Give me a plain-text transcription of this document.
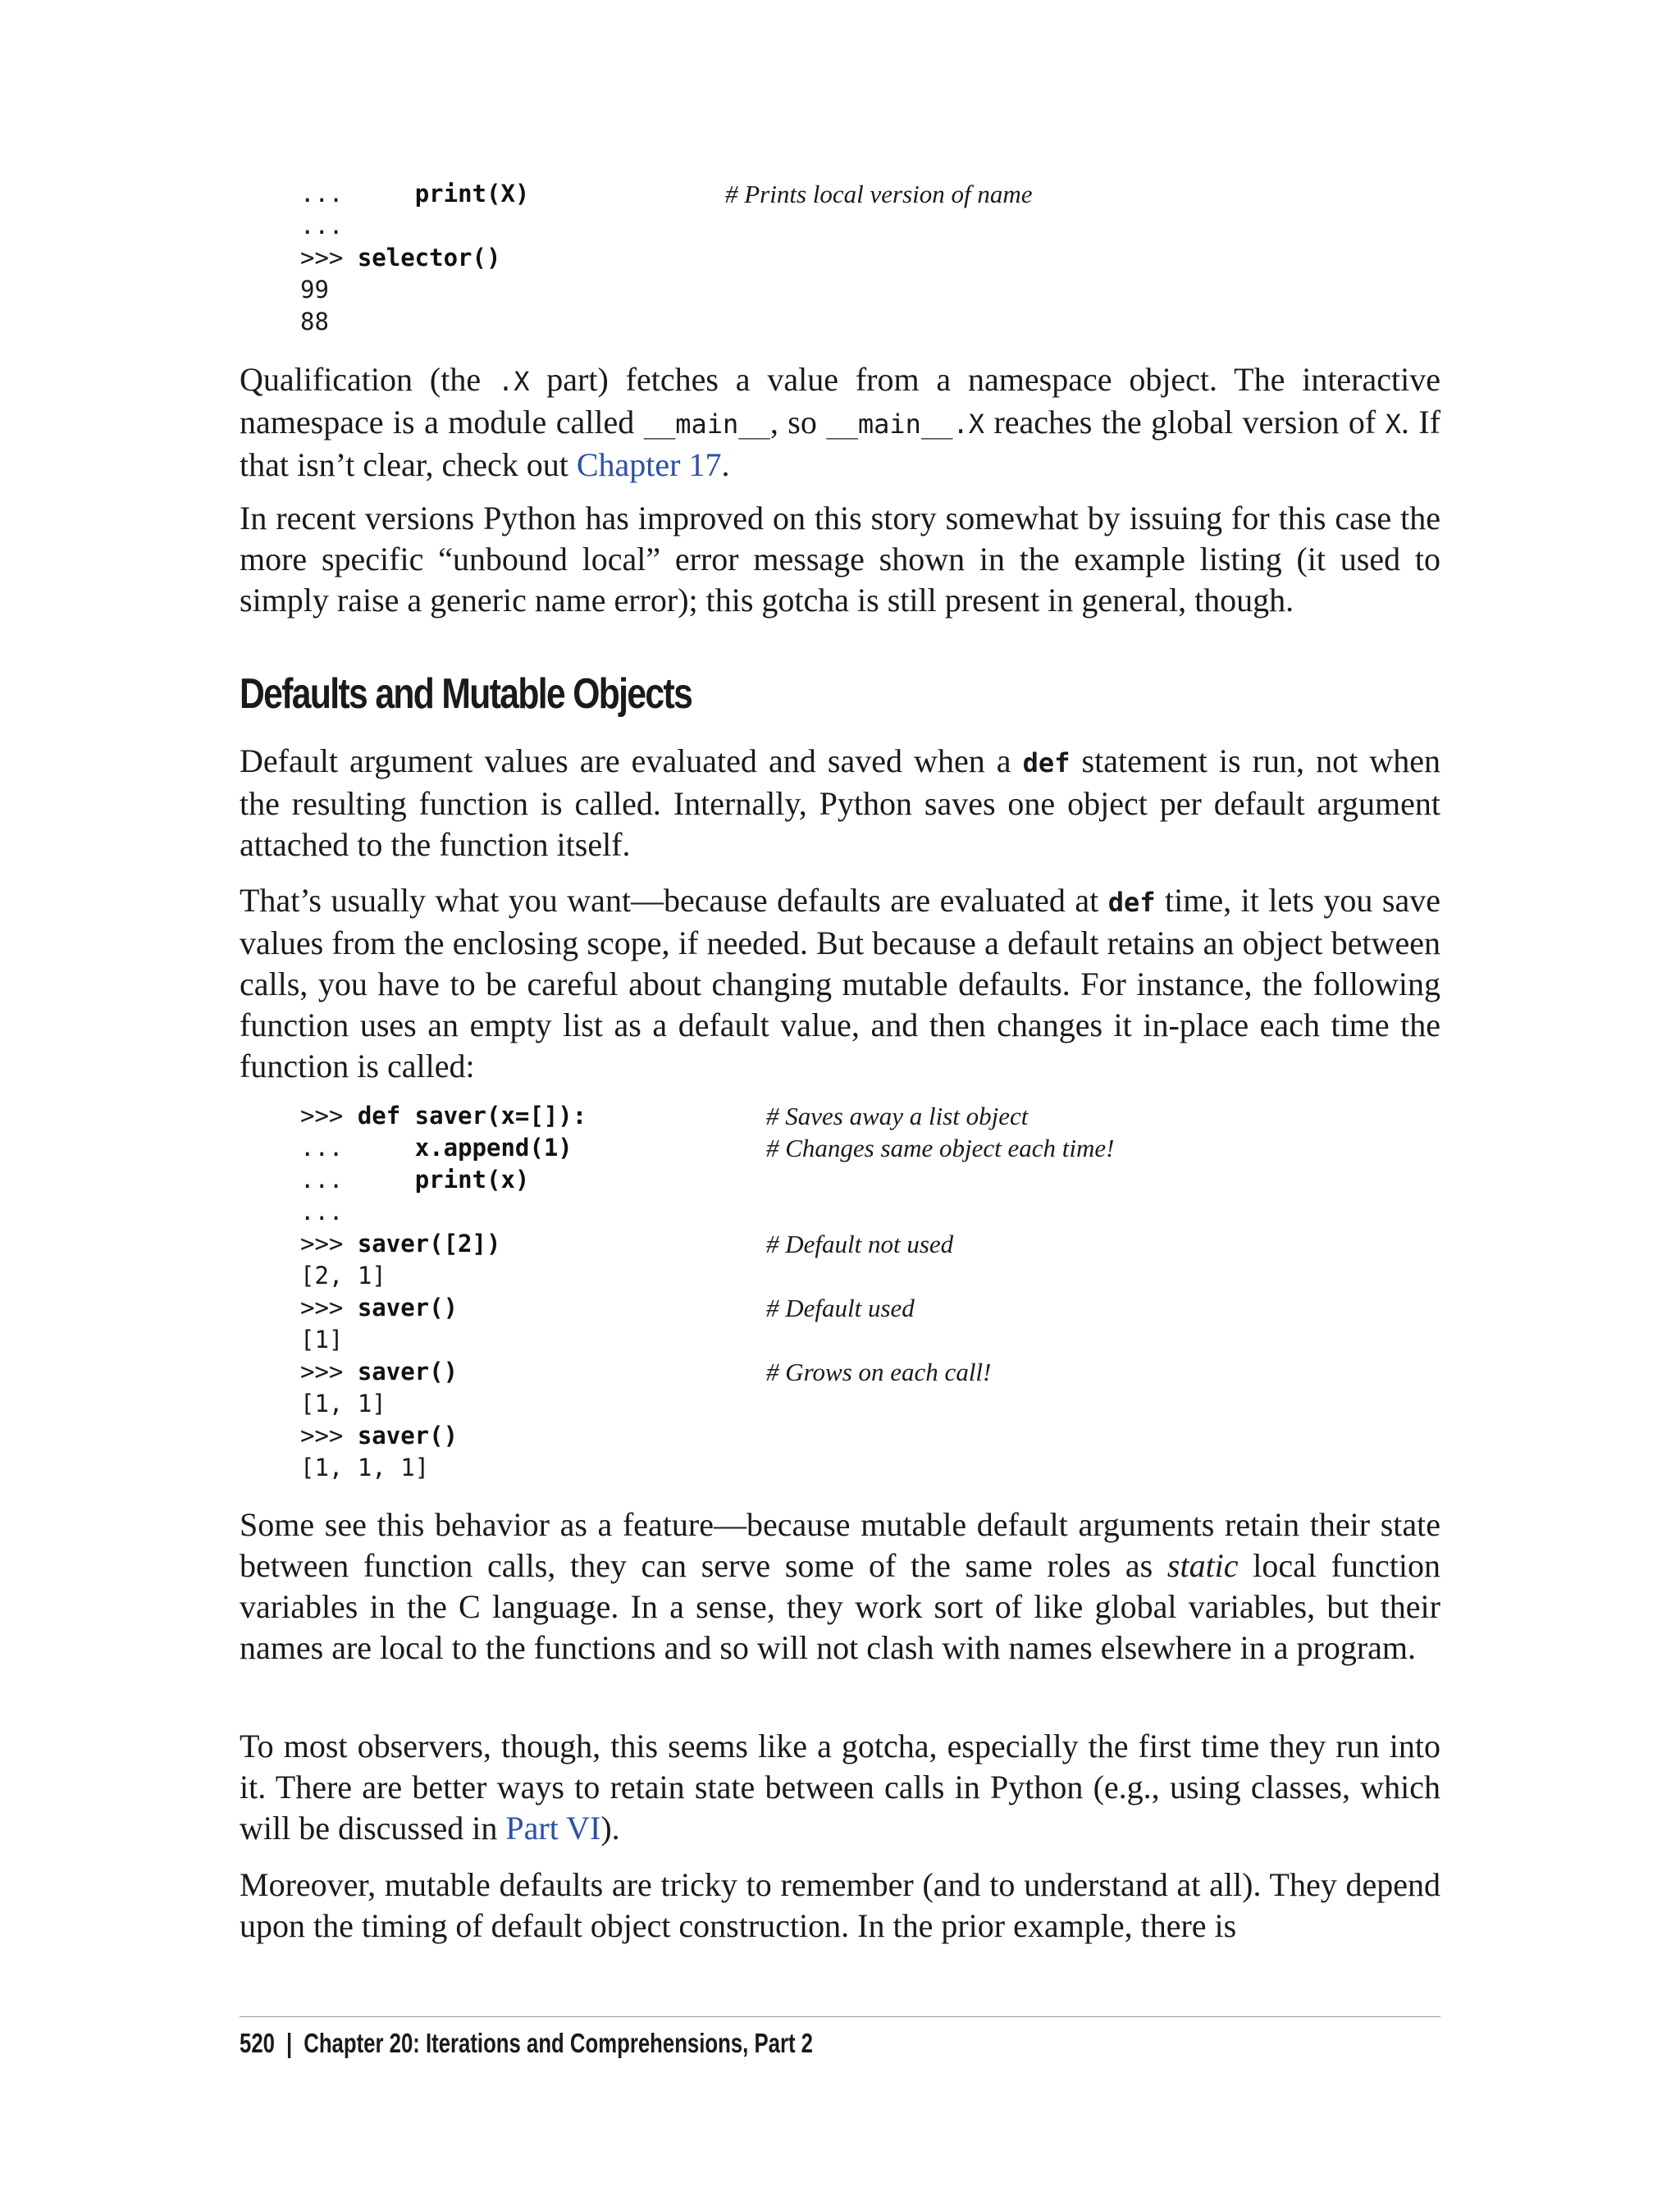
...     print(X)	# Prints local version of name
...
>>> selector()
99
88

Qualification (the .X part) fetches a value from a namespace object. The interactive namespace is a module called __main__, so __main__.X reaches the global version of X. If that isn’t clear, check out Chapter 17.

In recent versions Python has improved on this story somewhat by issuing for this case the more specific “unbound local” error message shown in the example listing (it used to simply raise a generic name error); this gotcha is still present in general, though.

Defaults and Mutable Objects

Default argument values are evaluated and saved when a def statement is run, not when the resulting function is called. Internally, Python saves one object per default argument attached to the function itself.

That’s usually what you want—because defaults are evaluated at def time, it lets you save values from the enclosing scope, if needed. But because a default retains an object between calls, you have to be careful about changing mutable defaults. For instance, the following function uses an empty list as a default value, and then changes it in-place each time the function is called:

>>> def saver(x=[]):	# Saves away a list object
...     x.append(1)	# Changes same object each time!
...     print(x)
...
>>> saver([2])	# Default not used
[2, 1]
>>> saver()	# Default used
[1]
>>> saver()	# Grows on each call!
[1, 1]
>>> saver()
[1, 1, 1]

Some see this behavior as a feature—because mutable default arguments retain their state between function calls, they can serve some of the same roles as static local function variables in the C language. In a sense, they work sort of like global variables, but their names are local to the functions and so will not clash with names elsewhere in a program.

To most observers, though, this seems like a gotcha, especially the first time they run into it. There are better ways to retain state between calls in Python (e.g., using classes, which will be discussed in Part VI).

Moreover, mutable defaults are tricky to remember (and to understand at all). They depend upon the timing of default object construction. In the prior example, there is

520 | Chapter 20: Iterations and Comprehensions, Part 2
